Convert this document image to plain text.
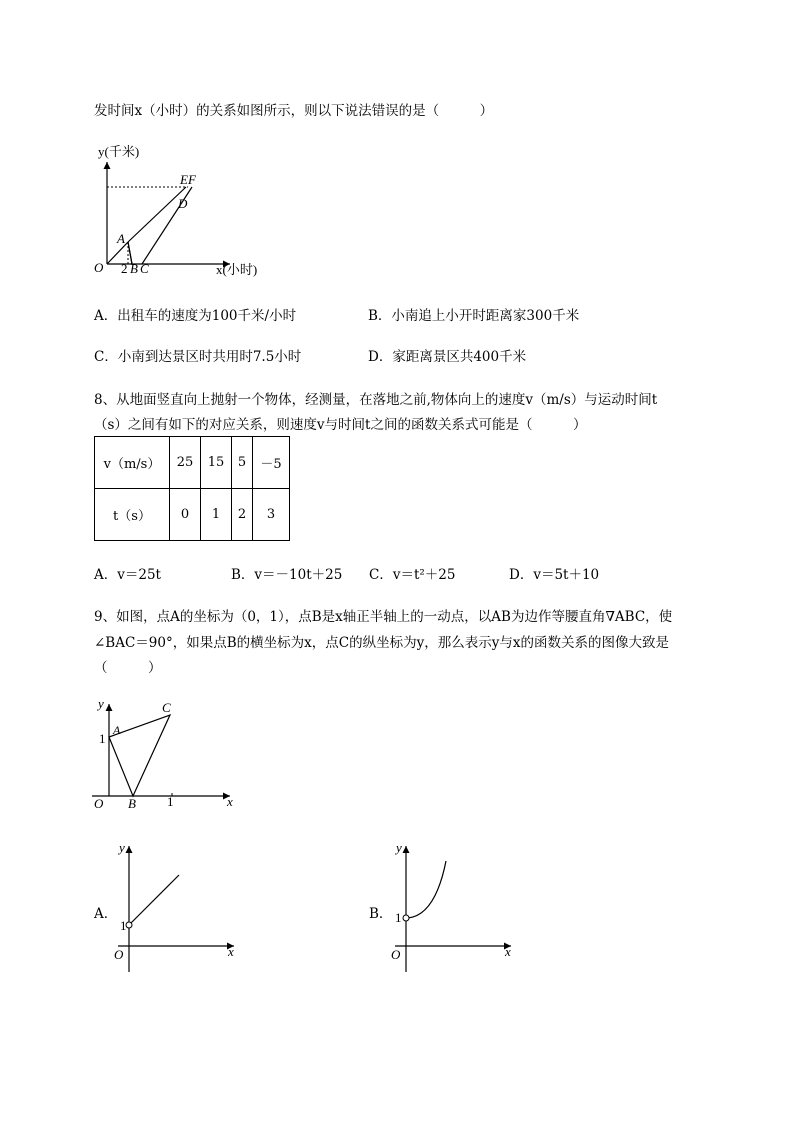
发时间x（小时）的关系如图所示，则以下说法错误的是（　　　）
y(千米)
x(小时)
O 2 B C
A
D
EF
A．出租车的速度为100千米/小时	B．小南追上小开时距离家300千米
C．小南到达景区时共用时7.5小时	D．家距离景区共400千米
8、从地面竖直向上抛射一个物体，经测量，在落地之前,物体向上的速度v（m/s）与运动时间t
（s）之间有如下的对应关系，则速度v与时间t之间的函数关系式可能是（　　　）
v（m/s）	25	15	5	－5
t（s）	0	1	2	3
A．v＝25t	B．v＝－10t＋25 C．v＝t²＋25	D．v＝5t＋10
9、如图，点A的坐标为（0，1），点B是x轴正半轴上的一动点，以AB为边作等腰直角∇ABC，使
∠BAC＝90°，如果点B的横坐标为x，点C的纵坐标为y，那么表示y与x的函数关系的图像大致是
（　　　）
y
x
O
A
B
C
1
1
A．
y
x
O
1
B．
y
x
O
1
